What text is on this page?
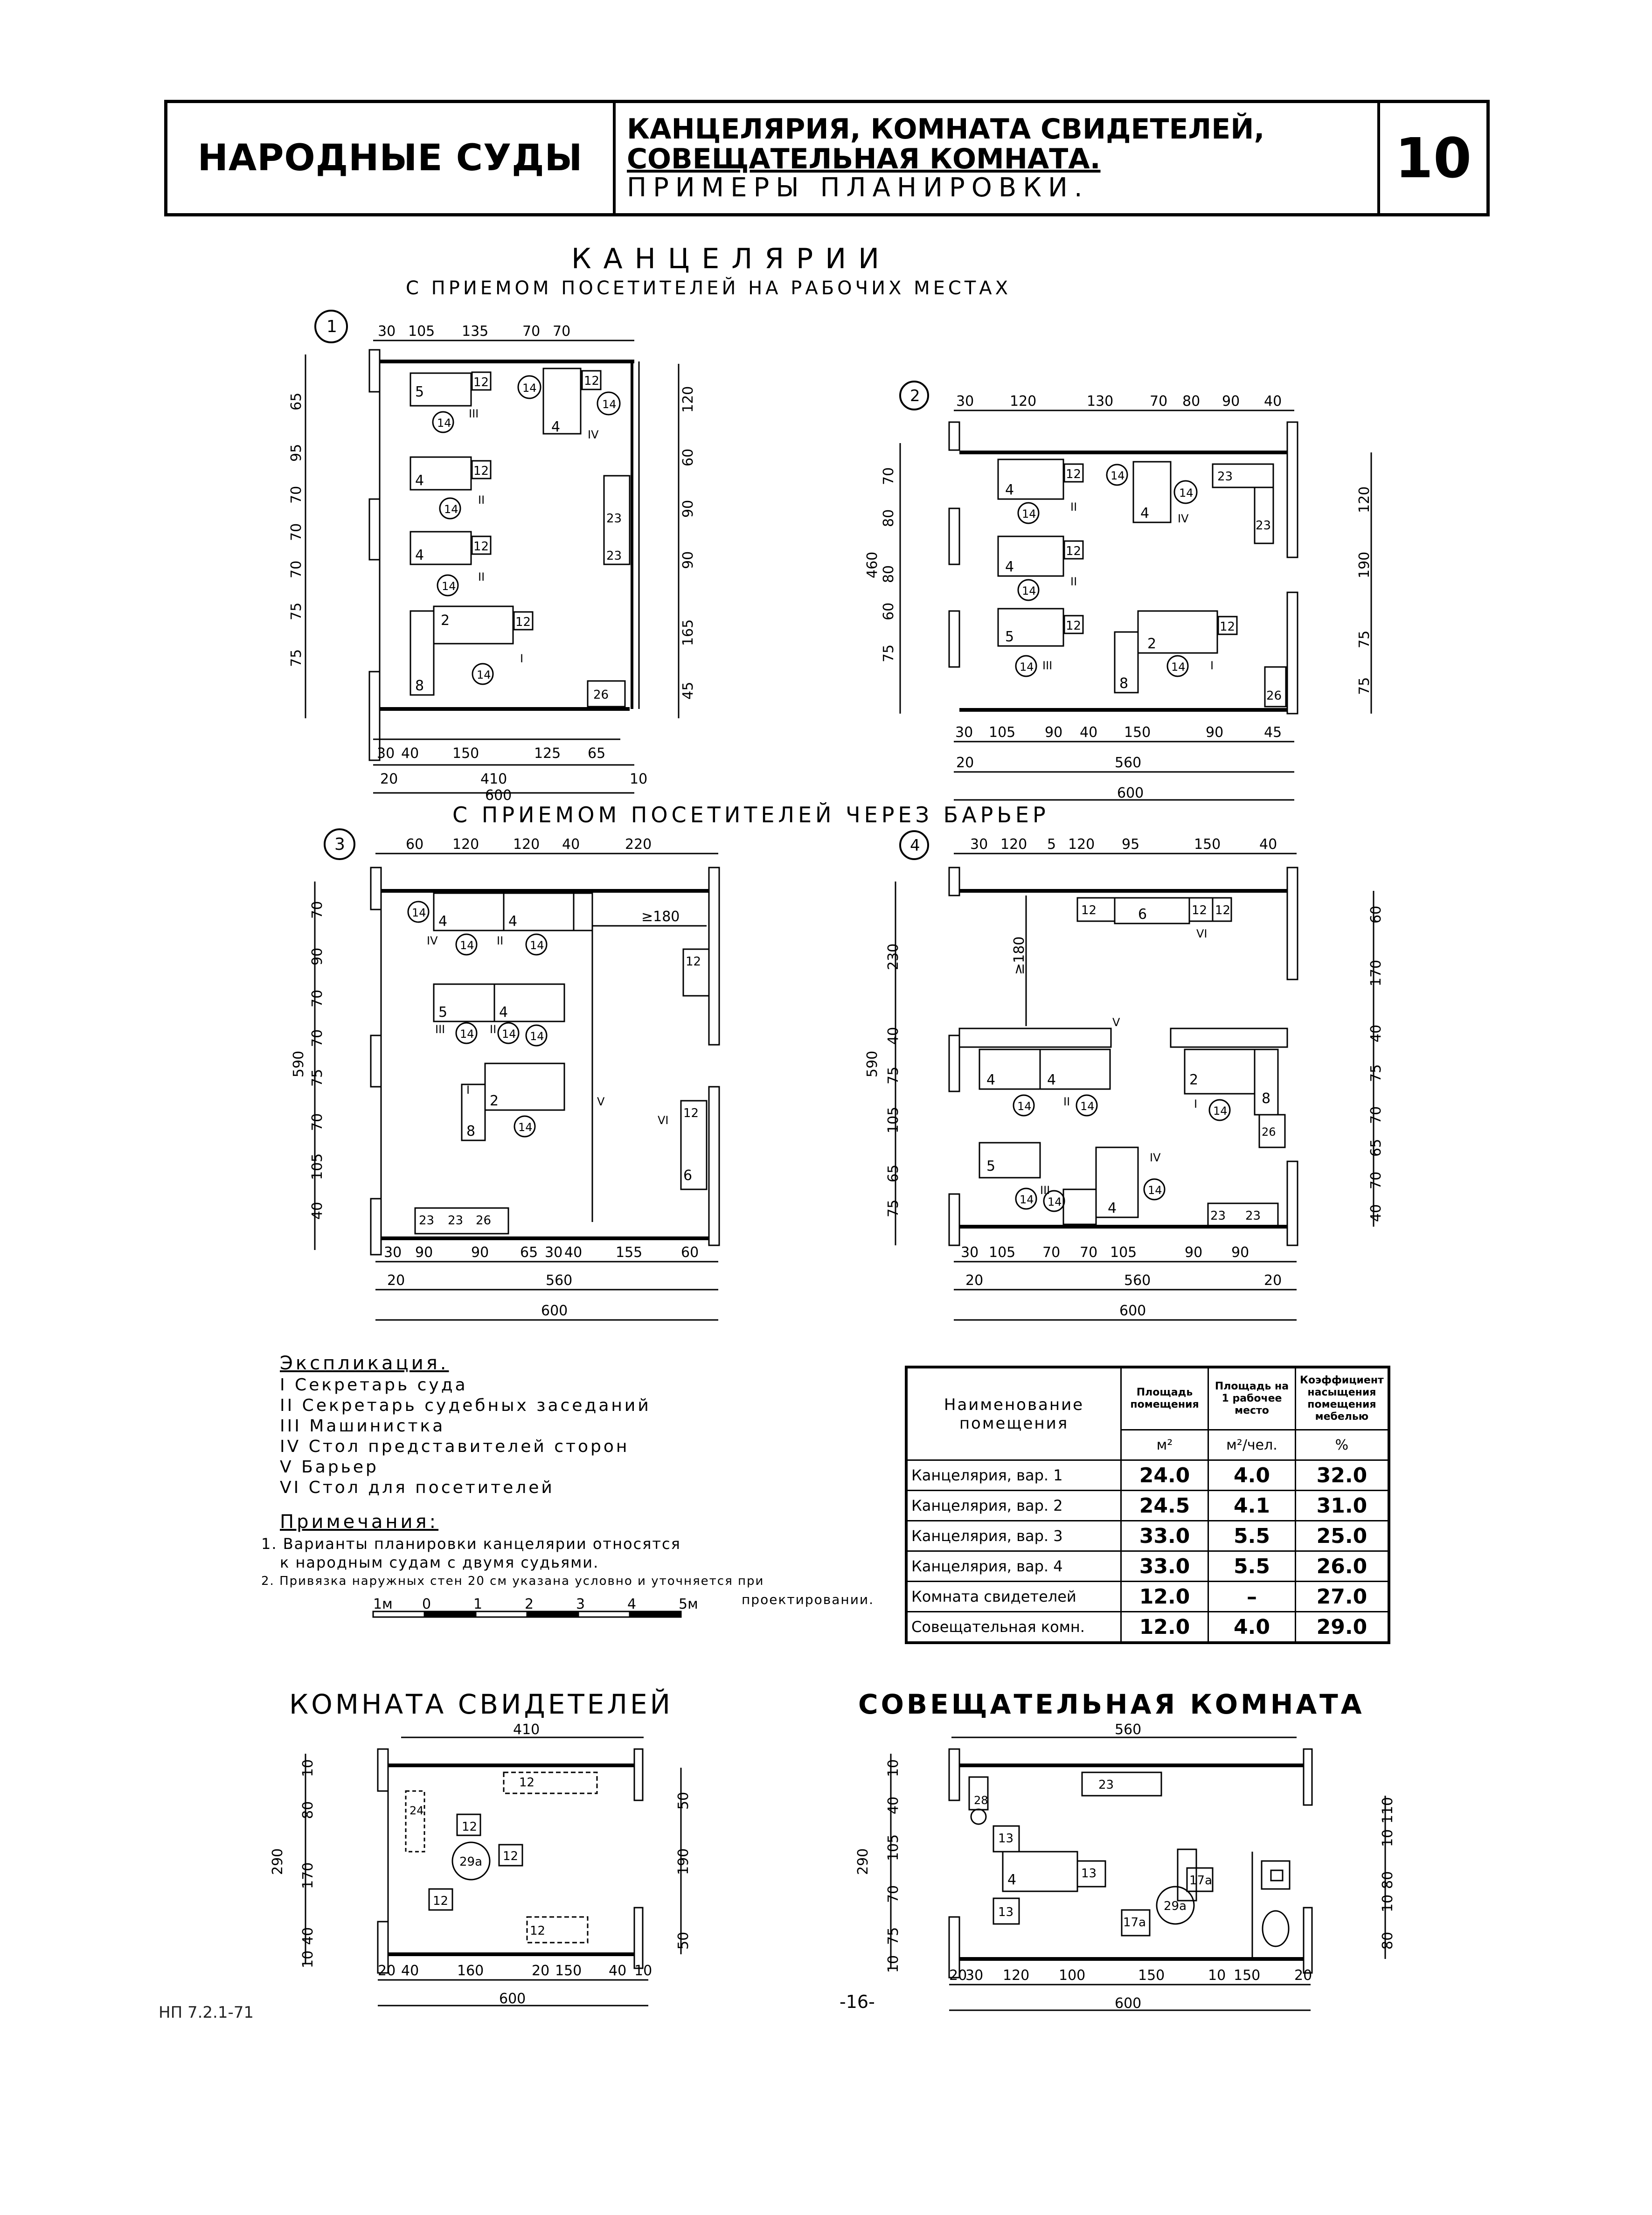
НАРОДНЫЕ СУДЫ
КАНЦЕЛЯРИЯ, КОМНАТА СВИДЕТЕЛЕЙ,
СОВЕЩАТЕЛЬНАЯ КОМНАТА.
ПРИМЕРЫ ПЛАНИРОВКИ.	10
КАНЦЕЛЯРИИ
С ПРИЕМОМ ПОСЕТИТЕЛЕЙ НА РАБОЧИХ МЕСТАХ
С ПРИЕМОМ ПОСЕТИТЕЛЕЙ ЧЕРЕЗ БАРЬЕР
1	30 105 135 70 70
30 40 150	125 65
20	410	10
600
65
95
70
70
70
75
75
120
60
90
90
165
45
5
12
4
12
4
12
4
12
2	12
8
23
23
26
14
14
14
14
14
14
III
IV
II
II
I
2	30	120	130	70 80 90 40
30 105 90 40 150	90	45
20	560
600
70
80
80
60
75
460
120
190
75
75
4
12
4
23
23
4
12
5
12
2
12
8
26
14
14
14
14
14	14
II
IV
II
III	I
3	60 120 120 40	220
30 90	90 65 30 40 155	60
20	560
600
≥180
70
90
70
70
75
70
105
40
590
4	4
12
5	4
2
8
12
6
23 23 26
14
14	14
14 14 14
14
IV	II
III	II
I
V
VI
4	30 120 5 120 95	150	40
30 105 70 70 105	90 90
20	560	20
600
≥180
230
40
75
105
65
75
590
60
170
40
75
70
65
70
40
12	6	12 12
4	4	2
8
26
5
4	23 23
14	14	14
14 14
14
II	I
III
IV
V
VI
Экспликация.
I Секретарь суда
II Секретарь судебных заседаний
III Машинистка
IV Стол представителей сторон
V Барьер
VI Стол для посетителей
Примечания:
1. Варианты планировки канцелярии относятся
к народным судам с двумя судьями.
2. Привязка наружных стен 20 см указана условно и уточняется при
проектировании.
1м 0	1	2	3	4	5м
Наименование помещения	Площадь помещения	Площадь на 1 рабочее место	Коэффициент насыщения помещения мебелью
	м²	м²/чел.	%
Канцелярия, вар. 1	24.0	4.0	32.0
Канцелярия, вар. 2	24.5	4.1	31.0
Канцелярия, вар. 3	33.0	5.5	25.0
Канцелярия, вар. 4	33.0	5.5	26.0
Комната свидетелей	12.0	–	27.0
Совещательная комн.	12.0	4.0	29.0
КОМНАТА СВИДЕТЕЛЕЙ	СОВЕЩАТЕЛЬНАЯ КОМНАТА
410
290
10
80
170
40
10
50
190
50
20 40	160	20 150 40 10
600
12
12
12
29a
12
12
24
560
290
10
40
105
70
75
10
110
10
80
10
80
20
30 120 100	150	10 150 20
600
23
28
13
4	13
13
17a
29a
17a
НП 7.2.1-71
-16-
